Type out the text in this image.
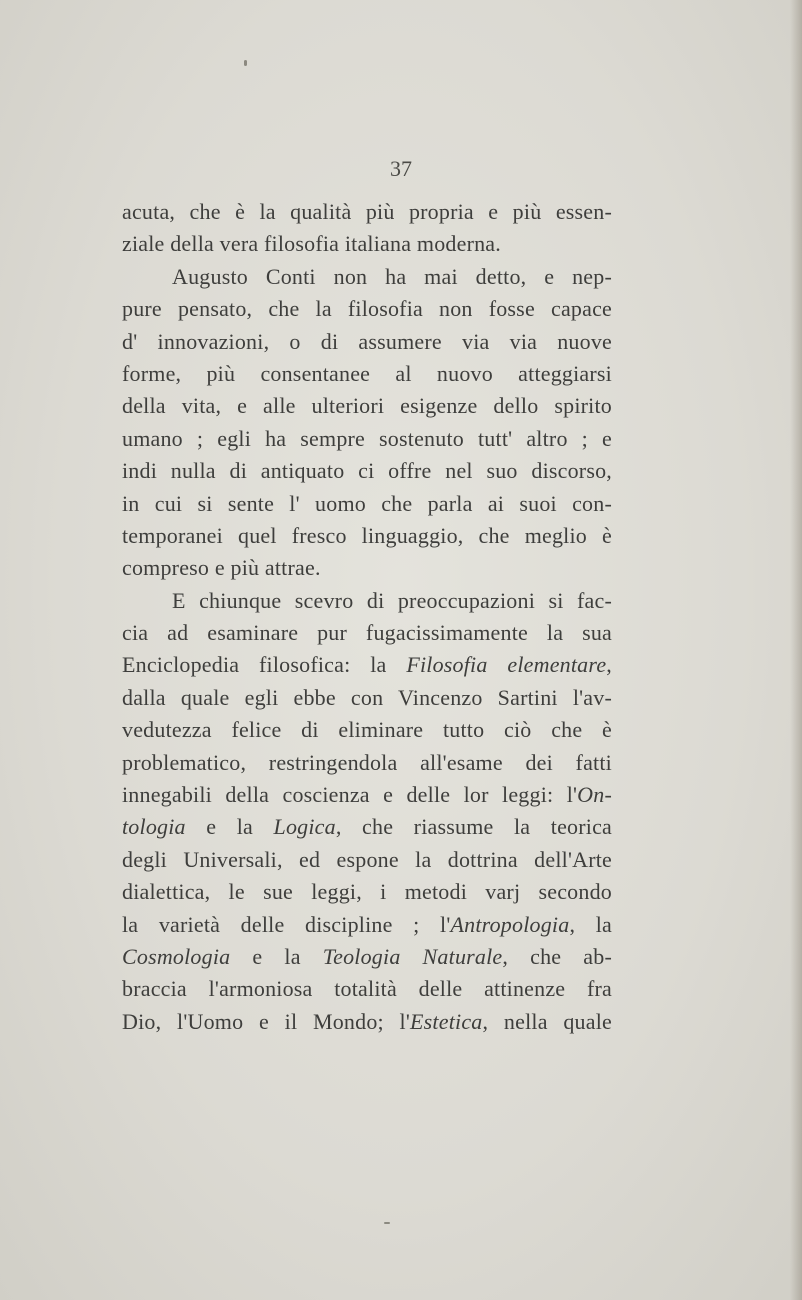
37
acuta, che è la qualità più propria e più essen-
ziale della vera filosofia italiana moderna.
Augusto Conti non ha mai detto, e nep-
pure pensato, che la filosofia non fosse capace
d' innovazioni, o di assumere via via nuove
forme, più consentanee al nuovo atteggiarsi
della vita, e alle ulteriori esigenze dello spirito
umano ; egli ha sempre sostenuto tutt' altro ; e
indi nulla di antiquato ci offre nel suo discorso,
in cui si sente l' uomo che parla ai suoi con-
temporanei quel fresco linguaggio, che meglio è
compreso e più attrae.
E chiunque scevro di preoccupazioni si fac-
cia ad esaminare pur fugacissimamente la sua
Enciclopedia filosofica: la Filosofia elementare,
dalla quale egli ebbe con Vincenzo Sartini l'av-
vedutezza felice di eliminare tutto ciò che è
problematico, restringendola all'esame dei fatti
innegabili della coscienza e delle lor leggi: l'On-
tologia e la Logica, che riassume la teorica
degli Universali, ed espone la dottrina dell'Arte
dialettica, le sue leggi, i metodi varj secondo
la varietà delle discipline ; l'Antropologia, la
Cosmologia e la Teologia Naturale, che ab-
braccia l'armoniosa totalità delle attinenze fra
Dio, l'Uomo e il Mondo; l'Estetica, nella quale
